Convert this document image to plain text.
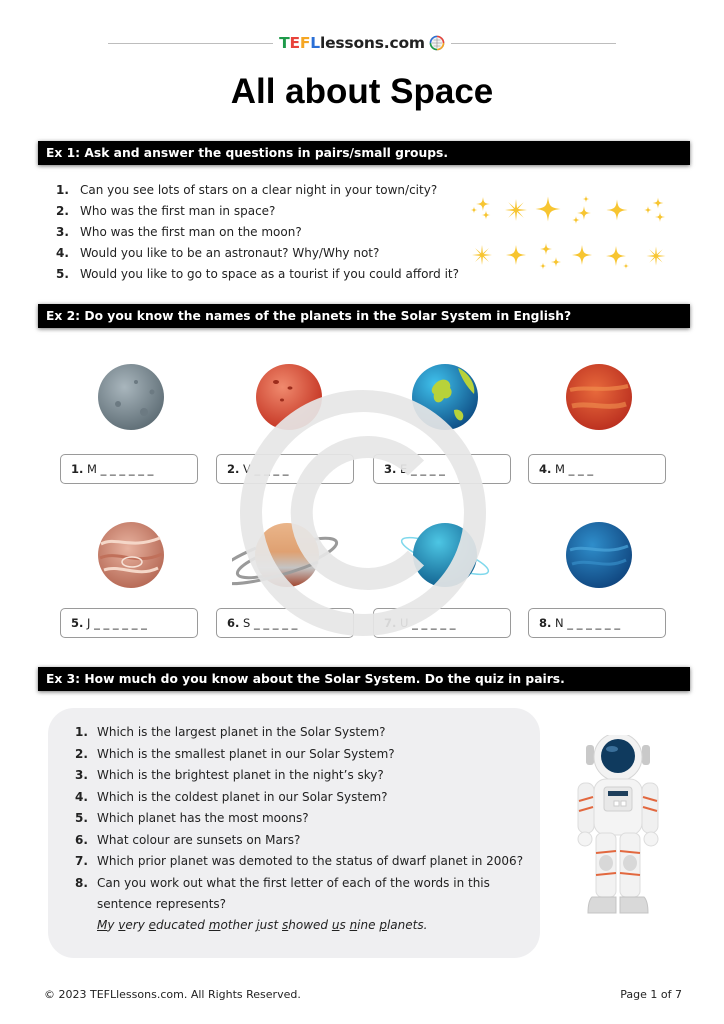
T E F L lessons.com
All about Space
Ex 1: Ask and answer the questions in pairs/small groups.
1. Can you see lots of stars on a clear night in your town/city?
2. Who was the first man in space?
3. Who was the first man on the moon?
4. Would you like to be an astronaut? Why/Why not?
5. Would you like to go to space as a tourist if you could afford it?
Ex 2: Do you know the names of the planets in the Solar System in English?
1. M _ _ _ _ _ _	2. V _ _ _ _	3. E _ _ _ _	4. M _ _ _
5. J _ _ _ _ _ _	6. S _ _ _ _ _	7. U _ _ _ _ _	8. N _ _ _ _ _ _
Ex 3: How much do you know about the Solar System. Do the quiz in pairs.
1. Which is the largest planet in the Solar System?
2. Which is the smallest planet in our Solar System?
3. Which is the brightest planet in the night’s sky?
4. Which is the coldest planet in our Solar System?
5. Which planet has the most moons?
6. What colour are sunsets on Mars?
7. Which prior planet was demoted to the status of dwarf planet in 2006?
8. Can you work out what the first letter of each of the words in this sentence represents?
My very educated mother just showed us nine planets.
© 2023 TEFLlessons.com. All Rights Reserved.	Page 1 of 7
